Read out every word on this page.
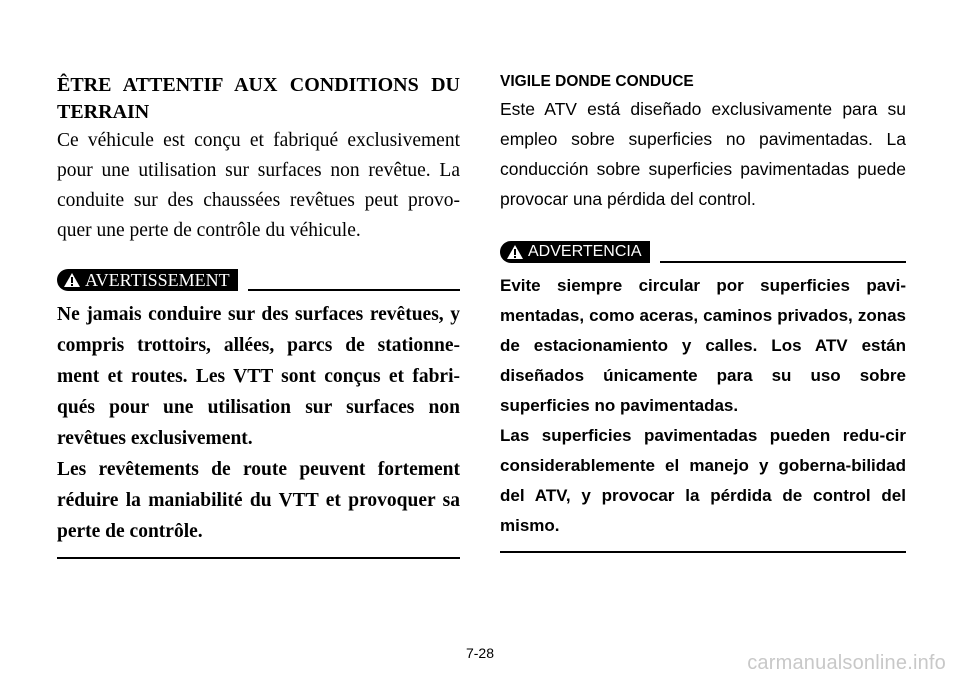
ÊTRE ATTENTIF AUX CONDITIONS DU TERRAIN

Ce véhicule est conçu et fabriqué exclusivement pour une utilisation sur surfaces non revêtue. La conduite sur des chaussées revêtues peut provo-quer une perte de contrôle du véhicule.

AVERTISSEMENT

Ne jamais conduire sur des surfaces revêtues, y compris trottoirs, allées, parcs de stationne-ment et routes. Les VTT sont conçus et fabri-qués pour une utilisation sur surfaces non revêtues exclusivement.

Les revêtements de route peuvent fortement réduire la maniabilité du VTT et provoquer sa perte de contrôle.

VIGILE DONDE CONDUCE

Este ATV está diseñado exclusivamente para su empleo sobre superficies no pavimentadas. La conducción sobre superficies pavimentadas puede provocar una pérdida del control.

ADVERTENCIA

Evite siempre circular por superficies pavi-mentadas, como aceras, caminos privados, zonas de estacionamiento y calles. Los ATV están diseñados únicamente para su uso sobre superficies no pavimentadas.

Las superficies pavimentadas pueden redu-cir considerablemente el manejo y goberna-bilidad del ATV, y provocar la pérdida de control del mismo.

7-28	carmanualsonline.info
